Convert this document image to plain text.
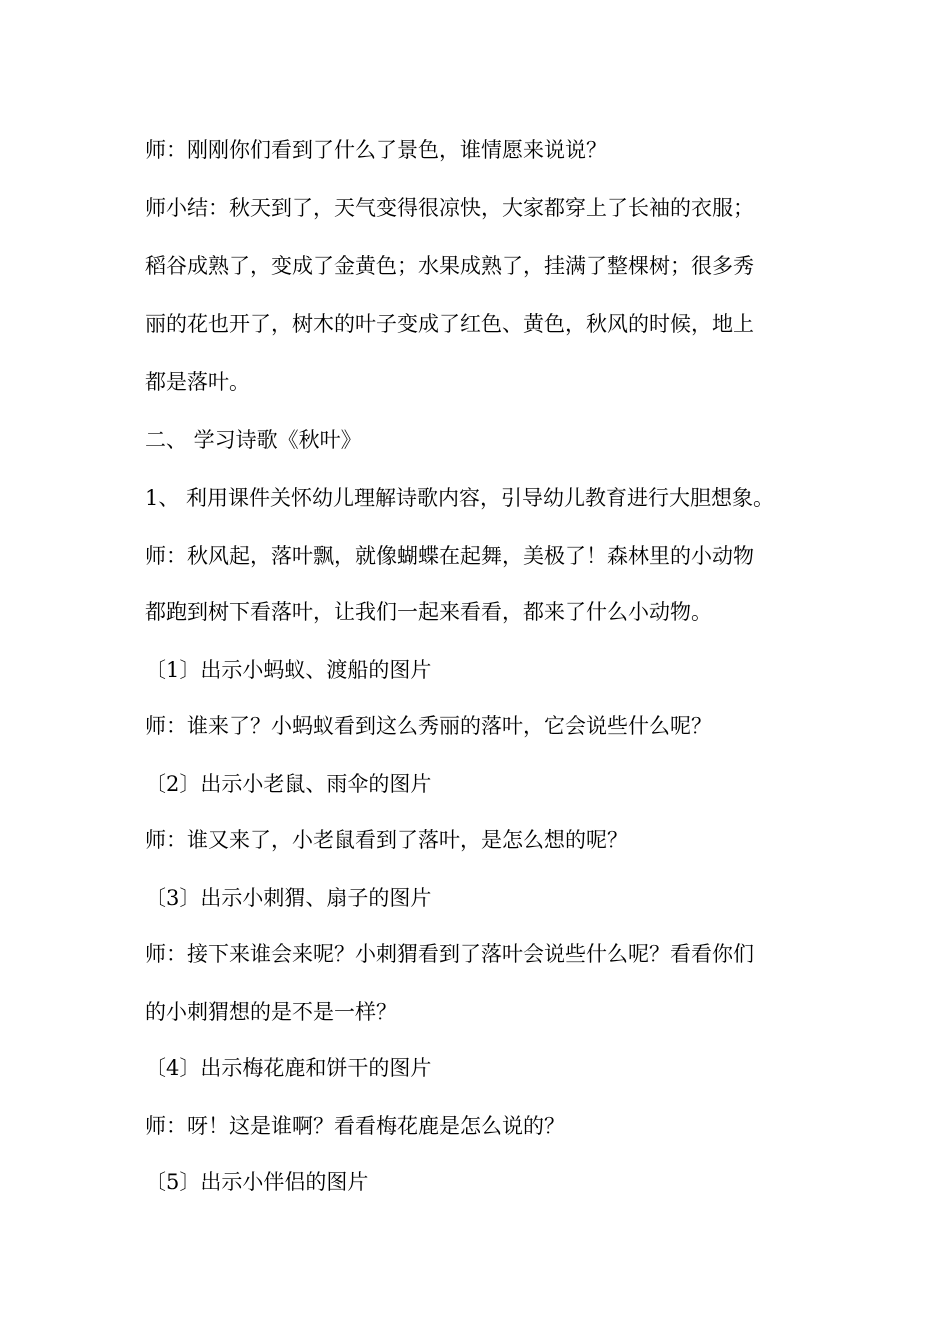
师：刚刚你们看到了什么了景色，谁情愿来说说？

师小结：秋天到了，天气变得很凉快，大家都穿上了长袖的衣服；

稻谷成熟了，变成了金黄色；水果成熟了，挂满了整棵树；很多秀

丽的花也开了，树木的叶子变成了红色、黄色，秋风的时候，地上

都是落叶。

二、 学习诗歌《秋叶》

1、 利用课件关怀幼儿理解诗歌内容，引导幼儿教育进行大胆想象。

师：秋风起，落叶飘，就像蝴蝶在起舞，美极了！森林里的小动物

都跑到树下看落叶，让我们一起来看看，都来了什么小动物。

〔1〕出示小蚂蚁、渡船的图片

师：谁来了？小蚂蚁看到这么秀丽的落叶，它会说些什么呢？

〔2〕出示小老鼠、雨伞的图片

师：谁又来了，小老鼠看到了落叶，是怎么想的呢？

〔3〕出示小刺猬、扇子的图片

师：接下来谁会来呢？小刺猬看到了落叶会说些什么呢？看看你们

的小刺猬想的是不是一样？

〔4〕出示梅花鹿和饼干的图片

师：呀！这是谁啊？看看梅花鹿是怎么说的？

〔5〕出示小伴侣的图片
